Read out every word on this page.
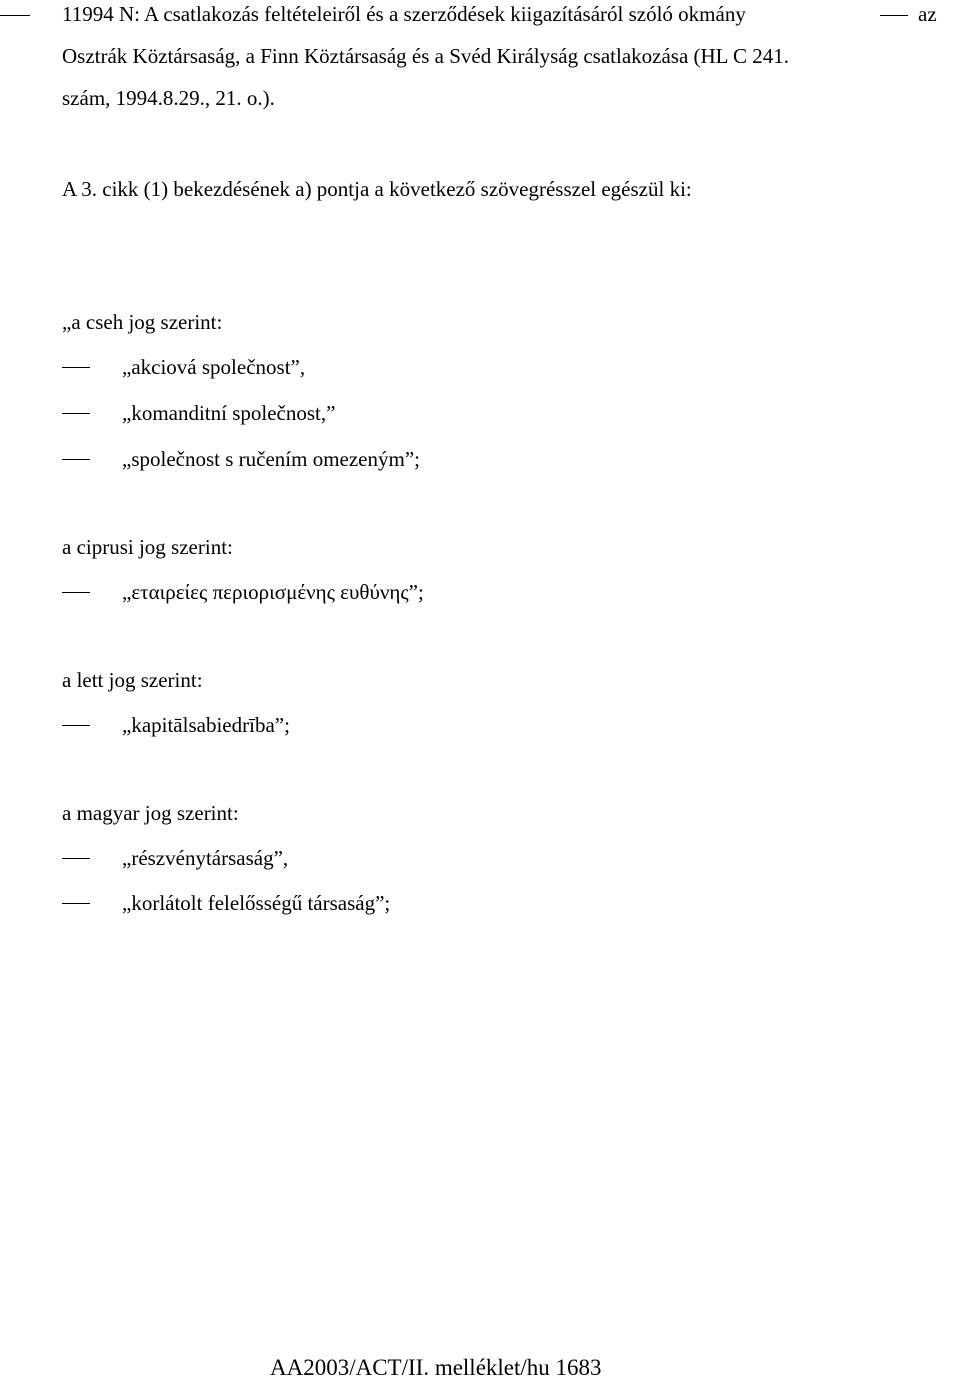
11994 N: A csatlakozás feltételeiről és a szerződések kiigazításáról szóló okmány	az
Osztrák Köztársaság, a Finn Köztársaság és a Svéd Királyság csatlakozása (HL C 241.
szám, 1994.8.29., 21. o.).
A 3. cikk (1) bekezdésének a) pontja a következő szövegrésszel egészül ki:
„a cseh jog szerint:
„akciová společnost”,
„komanditní společnost,”
„společnost s ručením omezeným”;
a ciprusi jog szerint:
„εταιρείες περιορισμένης ευθύνης”;
a lett jog szerint:
„kapitālsabiedrība”;
a magyar jog szerint:
„részvénytársaság”,
„korlátolt felelősségű társaság”;
AA2003/ACT/II. melléklet/hu 1683
